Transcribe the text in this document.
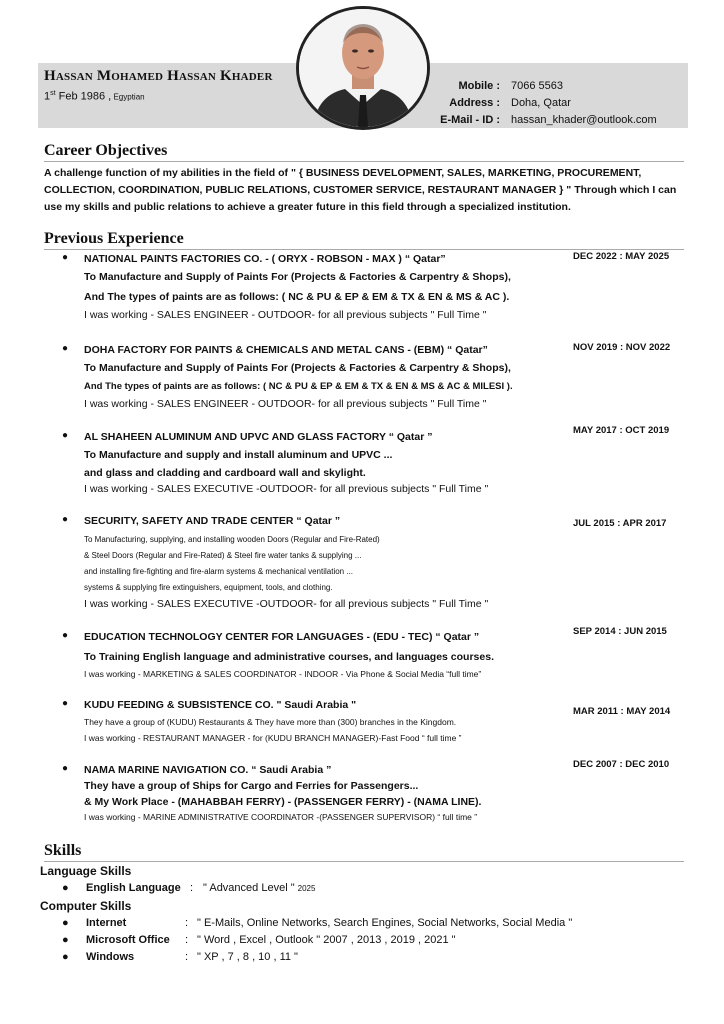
Hassan Mohamed Hassan Khader
1st Feb 1986 , Egyptian
Mobile : 7066 5563
Address : Doha, Qatar
E-Mail - ID : hassan_khader@outlook.com
Career Objectives
A challenge function of my abilities in the field of " { BUSINESS DEVELOPMENT, SALES, MARKETING, PROCUREMENT, COLLECTION, COORDINATION, PUBLIC RELATIONS, CUSTOMER SERVICE, RESTAURANT MANAGER } " Through which I can use my skills and public relations to achieve a greater future in this field through a specialized institution.
Previous Experience
● NATIONAL PAINTS FACTORIES CO. - ( ORYX - ROBSON - MAX ) “ Qatar”	DEC 2022 : MAY 2025
To Manufacture and Supply of Paints For (Projects & Factories & Carpentry & Shops),
And The types of paints are as follows: ( NC & PU & EP & EM & TX & EN & MS & AC ).
I was working - SALES ENGINEER - OUTDOOR- for all previous subjects " Full Time "
● DOHA FACTORY FOR PAINTS & CHEMICALS AND METAL CANS - (EBM) “ Qatar”	NOV 2019 : NOV 2022
To Manufacture and Supply of Paints For (Projects & Factories & Carpentry & Shops),
And The types of paints are as follows: ( NC & PU & EP & EM & TX & EN & MS & AC & MILESI ).
I was working - SALES ENGINEER - OUTDOOR- for all previous subjects " Full Time "
● AL SHAHEEN ALUMINUM AND UPVC AND GLASS FACTORY “ Qatar ”
MAY 2017 : OCT 2019
To Manufacture and supply and install aluminum and UPVC ...
and glass and cladding and cardboard wall and skylight.
I was working - SALES EXECUTIVE -OUTDOOR- for all previous subjects " Full Time "
● SECURITY, SAFETY AND TRADE CENTER “ Qatar ”	JUL 2015 : APR 2017
To Manufacturing, supplying, and installing wooden Doors (Regular and Fire-Rated)
& Steel Doors (Regular and Fire-Rated) & Steel fire water tanks & supplying ...
and installing fire-fighting and fire-alarm systems & mechanical ventilation ...
systems & supplying fire extinguishers, equipment, tools, and clothing.
I was working - SALES EXECUTIVE -OUTDOOR- for all previous subjects " Full Time "
● EDUCATION TECHNOLOGY CENTER FOR LANGUAGES - (EDU - TEC) “ Qatar ”	SEP 2014 : JUN 2015
To Training English language and administrative courses, and languages courses.
I was working - MARKETING & SALES COORDINATOR - INDOOR - Via Phone & Social Media “full time”
● KUDU FEEDING & SUBSISTENCE CO. " Saudi Arabia "
MAR 2011 : MAY 2014
They have a group of (KUDU) Restaurants & They have more than (300) branches in the Kingdom.
I was working - RESTAURANT MANAGER - for (KUDU BRANCH MANAGER)-Fast Food “ full time ”
● NAMA MARINE NAVIGATION CO. “ Saudi Arabia ”	DEC 2007 : DEC 2010
They have a group of Ships for Cargo and Ferries for Passengers...
& My Work Place - (MAHABBAH FERRY) - (PASSENGER FERRY) - (NAMA LINE).
I was working - MARINE ADMINISTRATIVE COORDINATOR -(PASSENGER SUPERVISOR) “ full time ”
Skills
Language Skills
● English Language : " Advanced Level " 2025
Computer Skills
● Internet	: " E-Mails, Online Networks, Search Engines, Social Networks, Social Media "
● Microsoft Office : " Word , Excel , Outlook " 2007 , 2013 , 2019 , 2021 "
● Windows	: " XP , 7 , 8 , 10 , 11 "
